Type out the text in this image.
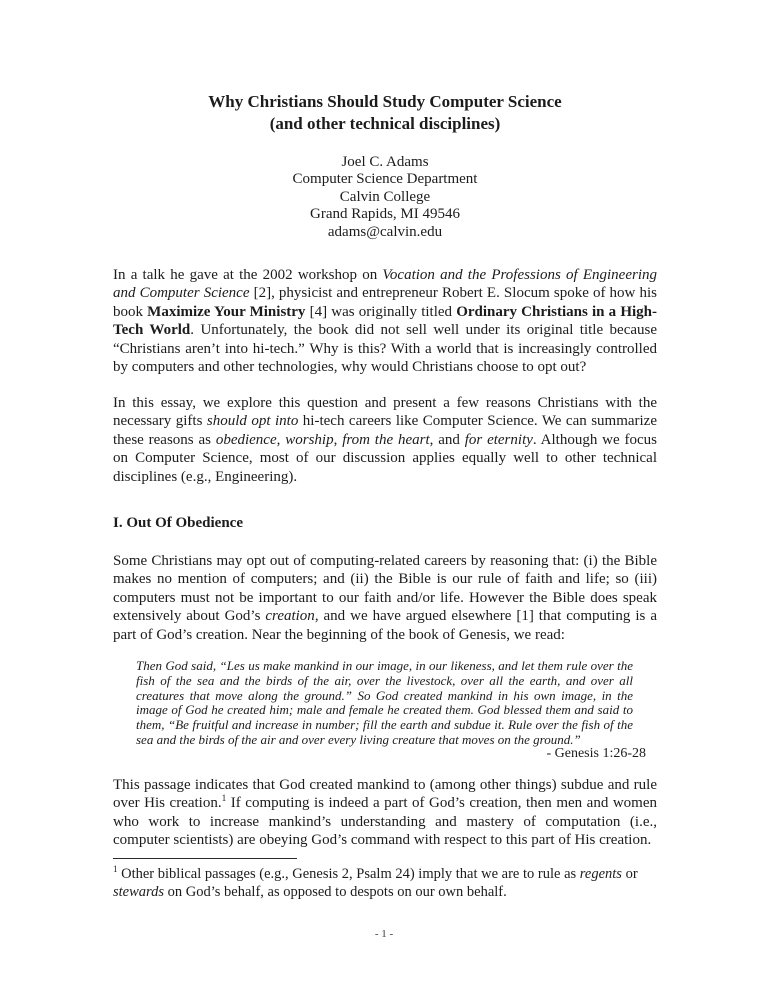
Why Christians Should Study Computer Science
(and other technical disciplines)
Joel C. Adams
Computer Science Department
Calvin College
Grand Rapids, MI 49546
adams@calvin.edu

In a talk he gave at the 2002 workshop on Vocation and the Professions of Engineering and Computer Science [2], physicist and entrepreneur Robert E. Slocum spoke of how his book Maximize Your Ministry [4] was originally titled Ordinary Christians in a High-Tech World. Unfortunately, the book did not sell well under its original title because “Christians aren’t into hi-tech.” Why is this? With a world that is increasingly controlled by computers and other technologies, why would Christians choose to opt out?

In this essay, we explore this question and present a few reasons Christians with the necessary gifts should opt into hi-tech careers like Computer Science. We can summarize these reasons as obedience, worship, from the heart, and for eternity. Although we focus on Computer Science, most of our discussion applies equally well to other technical disciplines (e.g., Engineering).

I. Out Of Obedience

Some Christians may opt out of computing-related careers by reasoning that: (i) the Bible makes no mention of computers; and (ii) the Bible is our rule of faith and life; so (iii) computers must not be important to our faith and/or life. However the Bible does speak extensively about God’s creation, and we have argued elsewhere [1] that computing is a part of God’s creation. Near the beginning of the book of Genesis, we read:

Then God said, “Les us make mankind in our image, in our likeness, and let them rule over the fish of the sea and the birds of the air, over the livestock, over all the earth, and over all creatures that move along the ground.” So God created mankind in his own image, in the image of God he created him; male and female he created them. God blessed them and said to them, “Be fruitful and increase in number; fill the earth and subdue it. Rule over the fish of the sea and the birds of the air and over every living creature that moves on the ground.”
- Genesis 1:26-28

This passage indicates that God created mankind to (among other things) subdue and rule over His creation.$^1$ If computing is indeed a part of God’s creation, then men and women who work to increase mankind’s understanding and mastery of computation (i.e., computer scientists) are obeying God’s command with respect to this part of His creation.

$^1$ Other biblical passages (e.g., Genesis 2, Psalm 24) imply that we are to rule as regents or stewards on God’s behalf, as opposed to despots on our own behalf.
- 1 -
